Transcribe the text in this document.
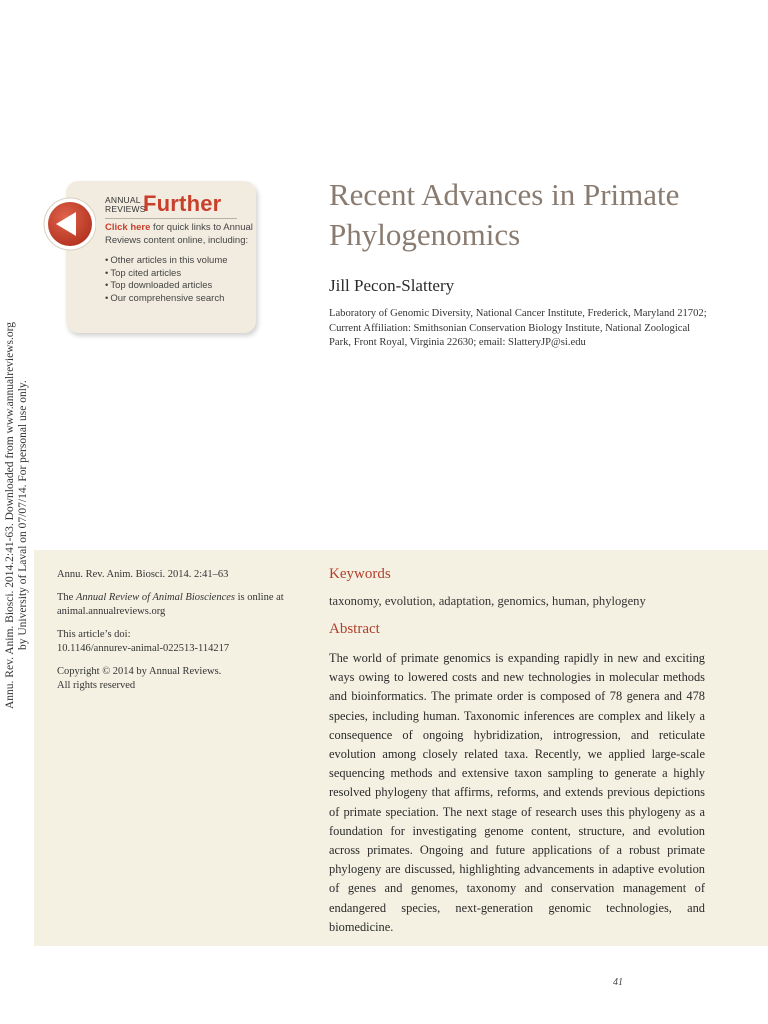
Annu. Rev. Anim. Biosci. 2014.2:41-63. Downloaded from www.annualreviews.org by University of Laval on 07/07/14. For personal use only.
ANNUAL
REVIEWS
Further
Click here for quick links to Annual Reviews content online, including:
• Other articles in this volume
• Top cited articles
• Top downloaded articles
• Our comprehensive search
Recent Advances in Primate Phylogenomics
Jill Pecon-Slattery
Laboratory of Genomic Diversity, National Cancer Institute, Frederick, Maryland 21702; Current Affiliation: Smithsonian Conservation Biology Institute, National Zoological Park, Front Royal, Virginia 22630; email: SlatteryJP@si.edu

Annu. Rev. Anim. Biosci. 2014. 2:41–63

The Annual Review of Animal Biosciences is online at animal.annualreviews.org

This article’s doi:
10.1146/annurev-animal-022513-114217

Copyright © 2014 by Annual Reviews.
All rights reserved

Keywords
taxonomy, evolution, adaptation, genomics, human, phylogeny
Abstract

The world of primate genomics is expanding rapidly in new and exciting ways owing to lowered costs and new technologies in molecular methods and bioinformatics. The primate order is composed of 78 genera and 478 species, including human. Taxonomic inferences are complex and likely a consequence of ongoing hybridization, introgression, and reticulate evolution among closely related taxa. Recently, we applied large-scale sequencing methods and extensive taxon sampling to generate a highly resolved phylogeny that affirms, reforms, and extends previous depictions of primate speciation. The next stage of research uses this phylogeny as a foundation for investigating genome content, structure, and evolution across primates. Ongoing and future applications of a robust primate phylogeny are discussed, highlighting advancements in adaptive evolution of genes and genomes, taxonomy and conservation management of endangered species, next-generation genomic technologies, and biomedicine.

41
